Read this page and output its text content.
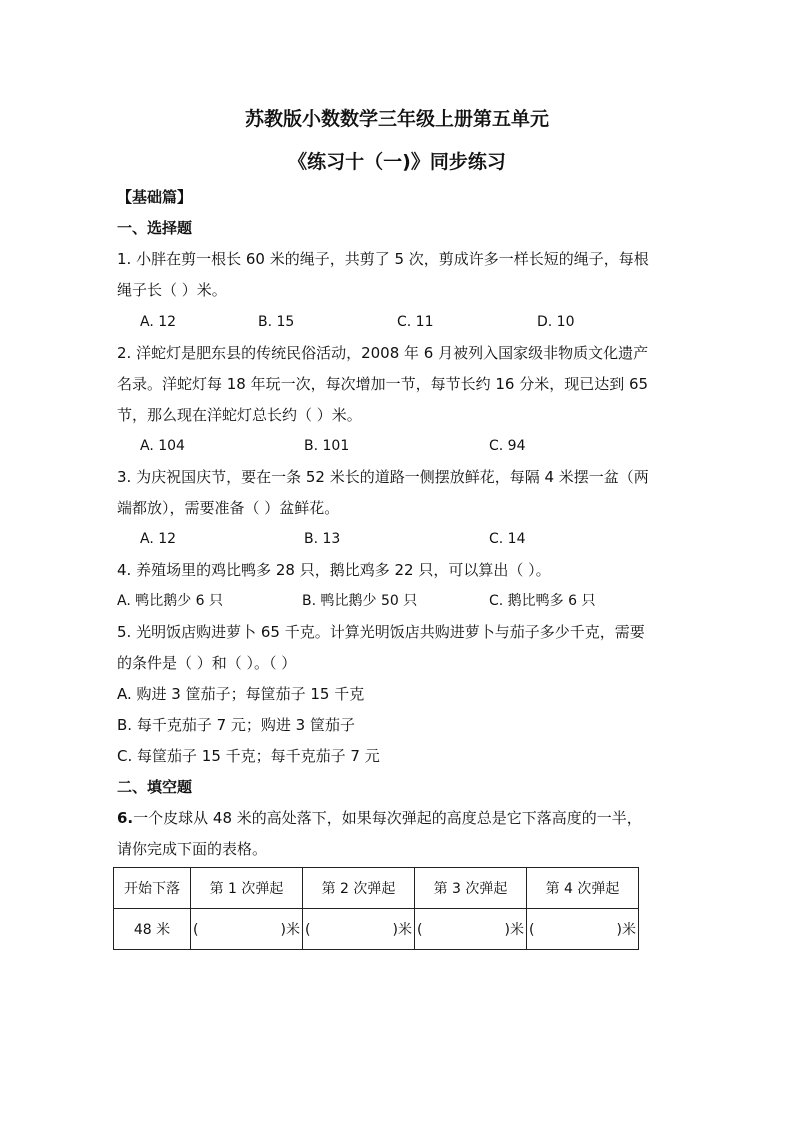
苏教版小数数学三年级上册第五单元
《练习十（一)》同步练习
【基础篇】
一、选择题
1. 小胖在剪一根长 60 米的绳子，共剪了 5 次，剪成许多一样长短的绳子，每根
绳子长（ ）米。
A. 12	B. 15	C. 11	D. 10
2. 洋蛇灯是肥东县的传统民俗活动，2008 年 6 月被列入国家级非物质文化遗产
名录。洋蛇灯每 18 年玩一次，每次增加一节，每节长约 16 分米，现已达到 65
节，那么现在洋蛇灯总长约（ ）米。
A. 104	B. 101	C. 94
3. 为庆祝国庆节，要在一条 52 米长的道路一侧摆放鲜花，每隔 4 米摆一盆（两
端都放），需要准备（ ）盆鲜花。
A. 12	B. 13	C. 14
4. 养殖场里的鸡比鸭多 28 只，鹅比鸡多 22 只，可以算出（ ）。
A. 鸭比鹅少 6 只	B. 鸭比鹅少 50 只	C. 鹅比鸭多 6 只
5. 光明饭店购进萝卜 65 千克。计算光明饭店共购进萝卜与茄子多少千克，需要
的条件是（ ）和（ ）。（ ）
A. 购进 3 筐茄子；每筐茄子 15 千克
B. 每千克茄子 7 元；购进 3 筐茄子
C. 每筐茄子 15 千克；每千克茄子 7 元
二、填空题
6.一个皮球从 48 米的高处落下，如果每次弹起的高度总是它下落高度的一半，
请你完成下面的表格。
开始下落	第 1 次弹起	第 2 次弹起	第 3 次弹起	第 4 次弹起
48 米	( )米	( )米	( )米	( )米
